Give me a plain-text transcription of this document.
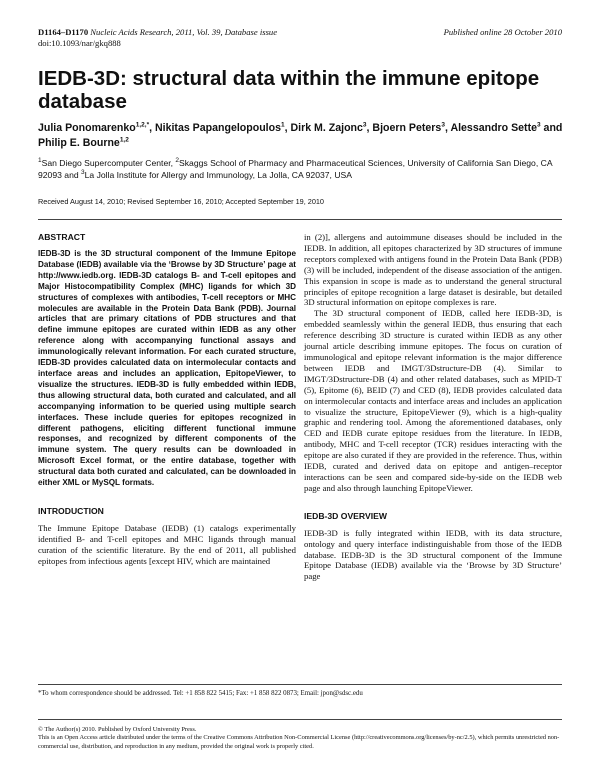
D1164–D1170 Nucleic Acids Research, 2011, Vol. 39, Database issue
doi:10.1093/nar/gkq888
Published online 28 October 2010
IEDB-3D: structural data within the immune epitope database
Julia Ponomarenko$^{1,2,*}$, Nikitas Papangelopoulos$^1$, Dirk M. Zajonc$^3$, Bjoern Peters$^3$, Alessandro Sette$^3$ and Philip E. Bourne$^{1,2}$
$^1$San Diego Supercomputer Center, $^2$Skaggs School of Pharmacy and Pharmaceutical Sciences, University of California San Diego, CA 92093 and $^3$La Jolla Institute for Allergy and Immunology, La Jolla, CA 92037, USA
Received August 14, 2010; Revised September 16, 2010; Accepted September 19, 2010
ABSTRACT

IEDB-3D is the 3D structural component of the Immune Epitope Database (IEDB) available via the ‘Browse by 3D Structure’ page at http://www.iedb.org. IEDB-3D catalogs B- and T-cell epitopes and Major Histocompatibility Complex (MHC) ligands for which 3D structures of complexes with antibodies, T-cell receptors or MHC molecules are available in the Protein Data Bank (PDB). Journal articles that are primary citations of PDB structures and that define immune epitopes are curated within IEDB as any other reference along with accompanying functional assays and immunologically relevant information. For each curated structure, IEDB-3D provides calculated data on intermolecular contacts and interface areas and includes an application, EpitopeViewer, to visualize the structures. IEDB-3D is fully embedded within IEDB, thus allowing structural data, both curated and calculated, and all accompanying information to be queried using multiple search interfaces. These include queries for epitopes recognized in different pathogens, eliciting different functional immune responses, and recognized by different components of the immune system. The query results can be downloaded in Microsoft Excel format, or the entire database, together with structural data both curated and calculated, can be downloaded in either XML or MySQL formats.

INTRODUCTION

The Immune Epitope Database (IEDB) (1) catalogs experimentally identified B- and T-cell epitopes and MHC ligands through manual curation of the scientific literature. By the end of 2011, all published epitopes from infectious agents [except HIV, which are maintained

in (2)], allergens and autoimmune diseases should be included in the IEDB. In addition, all epitopes characterized by 3D structures of immune receptors complexed with antigens found in the Protein Data Bank (PDB) (3) will be included, independent of the disease association of the antigen. This expansion in scope is made as to understand the general structural principles of epitope recognition a large dataset is desirable, but detailed 3D structural information on epitope complexes is rare.

The 3D structural component of IEDB, called here IEDB-3D, is embedded seamlessly within the general IEDB, thus ensuring that each reference describing 3D structure is curated within IEDB as any other journal article describing immune epitopes. The focus on curation of immunological and epitope relevant information is the major difference between IEDB and IMGT/3Dstructure-DB (4). Similar to IMGT/3Dstructure-DB (4) and other related databases, such as MPID-T (5), Epitome (6), BEID (7) and CED (8), IEDB provides calculated data on intermolecular contacts and interface areas and includes an application to visualize the structure, EpitopeViewer (9), which is a high-quality graphic and rendering tool. Among the aforementioned databases, only CED and IEDB curate epitope residues from the literature. In IEDB, antibody, MHC and T-cell receptor (TCR) residues interacting with the epitope are also curated if they are provided in the reference. Thus, within IEDB, curated and derived data on epitope and antigen–receptor interactions can be seen and compared side-by-side on the IEDB web page and also through launching EpitopeViewer.

IEDB-3D OVERVIEW

IEDB-3D is fully integrated within IEDB, with its data structure, ontology and query interface indistinguishable from those of the IEDB database. IEDB-3D is the 3D structural component of the Immune Epitope Database (IEDB) available via the ‘Browse by 3D Structure’ page

*To whom correspondence should be addressed. Tel: +1 858 822 5415; Fax: +1 858 822 0873; Email: jpon@sdsc.edu
© The Author(s) 2010. Published by Oxford University Press.
This is an Open Access article distributed under the terms of the Creative Commons Attribution Non-Commercial License (http://creativecommons.org/licenses/by-nc/2.5), which permits unrestricted non-commercial use, distribution, and reproduction in any medium, provided the original work is properly cited.
